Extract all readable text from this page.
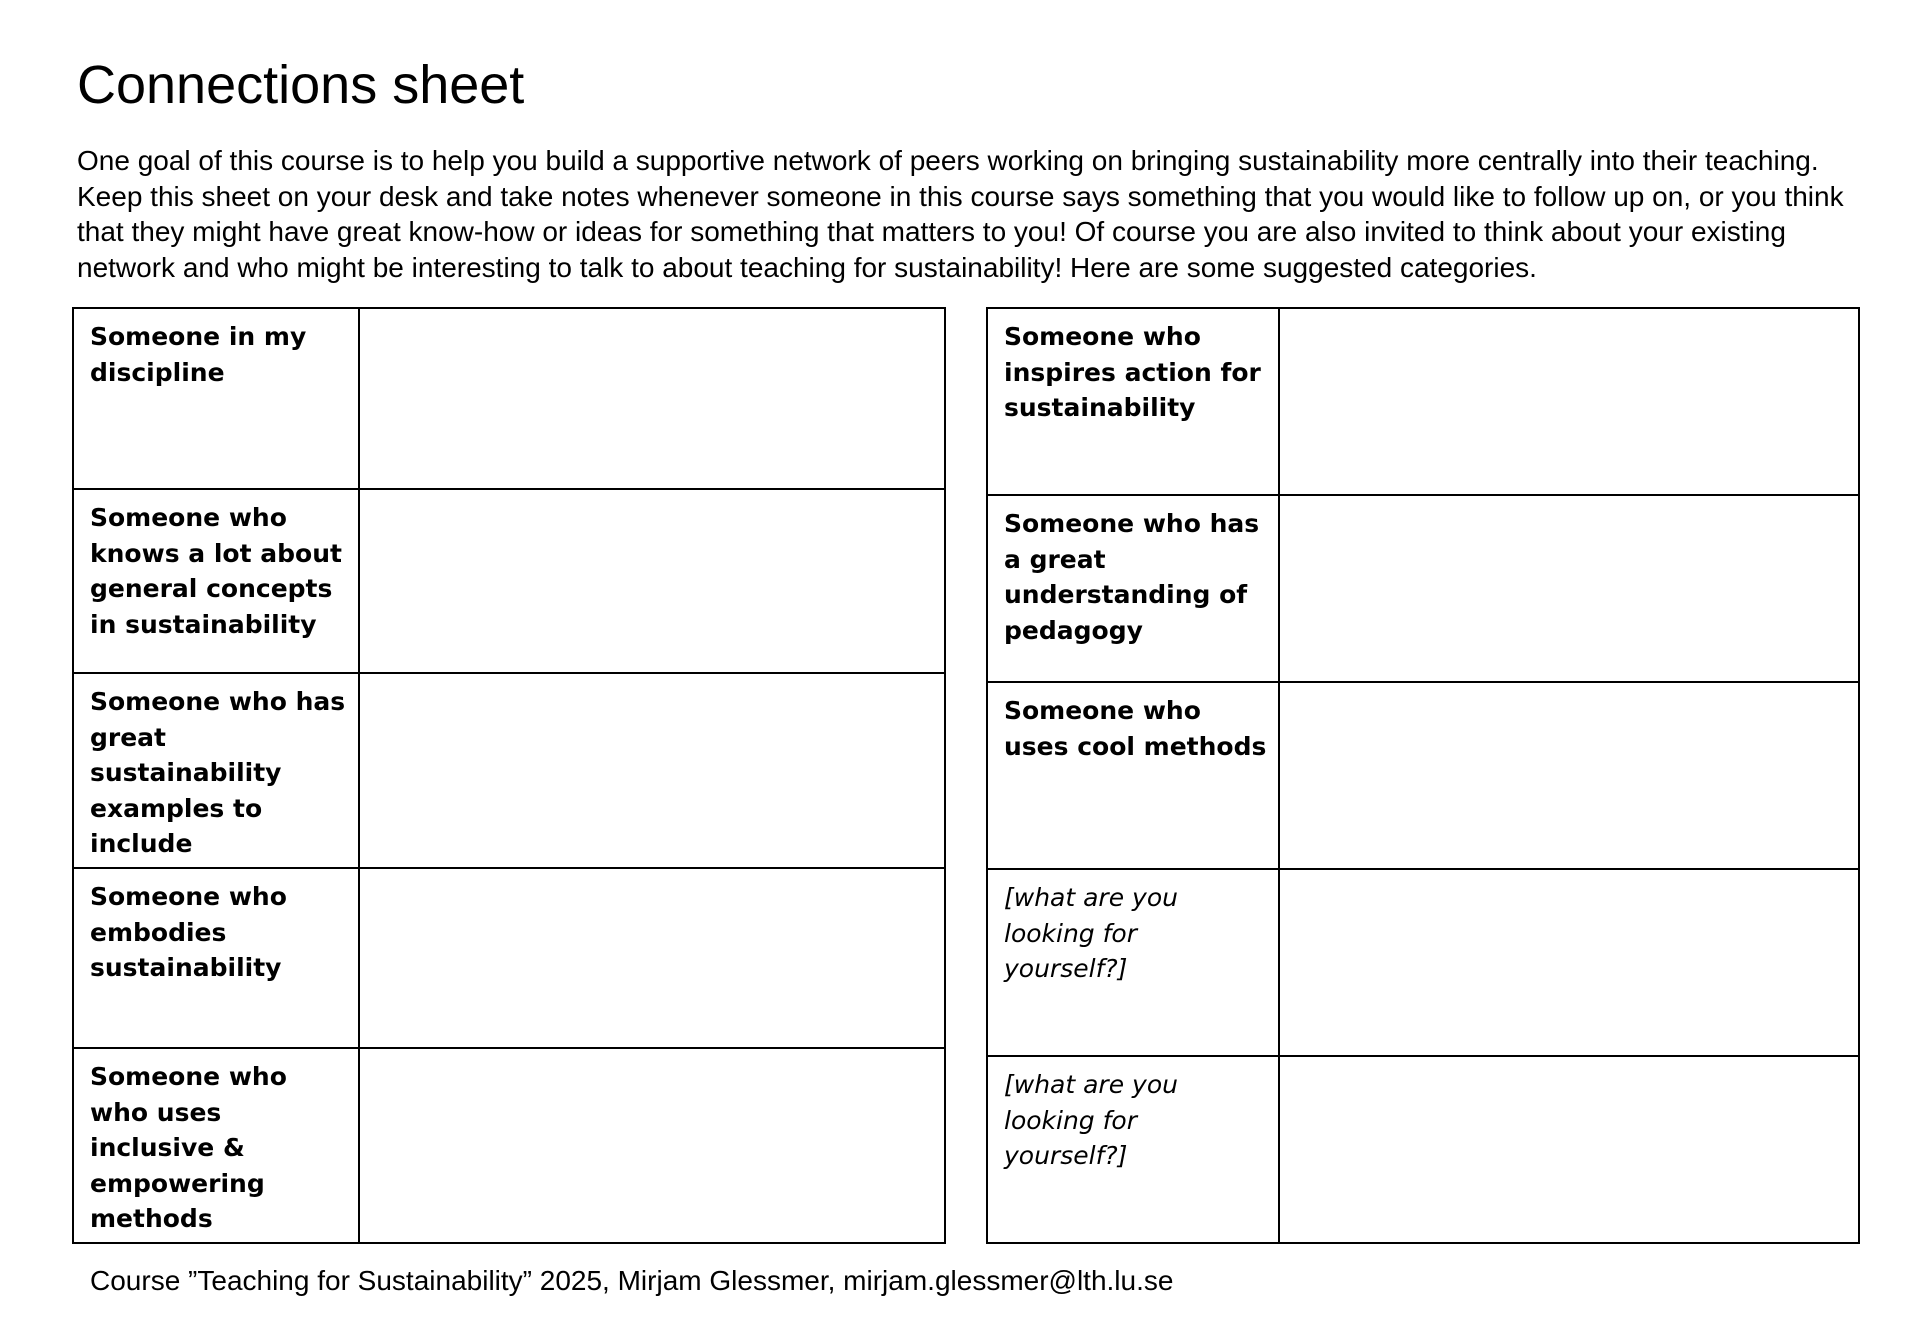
Connections sheet

One goal of this course is to help you build a supportive network of peers working on bringing sustainability more centrally into their teaching. Keep this sheet on your desk and take notes whenever someone in this course says something that you would like to follow up on, or you think that they might have great know-how or ideas for something that matters to you! Of course you are also invited to think about your existing network and who might be interesting to talk to about teaching for sustainability! Here are some suggested categories.

Someone in my discipline	
Someone who knows a lot about general concepts in sustainability	
Someone who has great sustainability examples to include	
Someone who embodies sustainability	
Someone who who uses inclusive & empowering methods	
Someone who inspires action for sustainability	
Someone who has a great understanding of pedagogy	
Someone who uses cool methods	
[what are you looking for yourself?]	
[what are you looking for yourself?]	

Course ”Teaching for Sustainability” 2025, Mirjam Glessmer, mirjam.glessmer@lth.lu.se
